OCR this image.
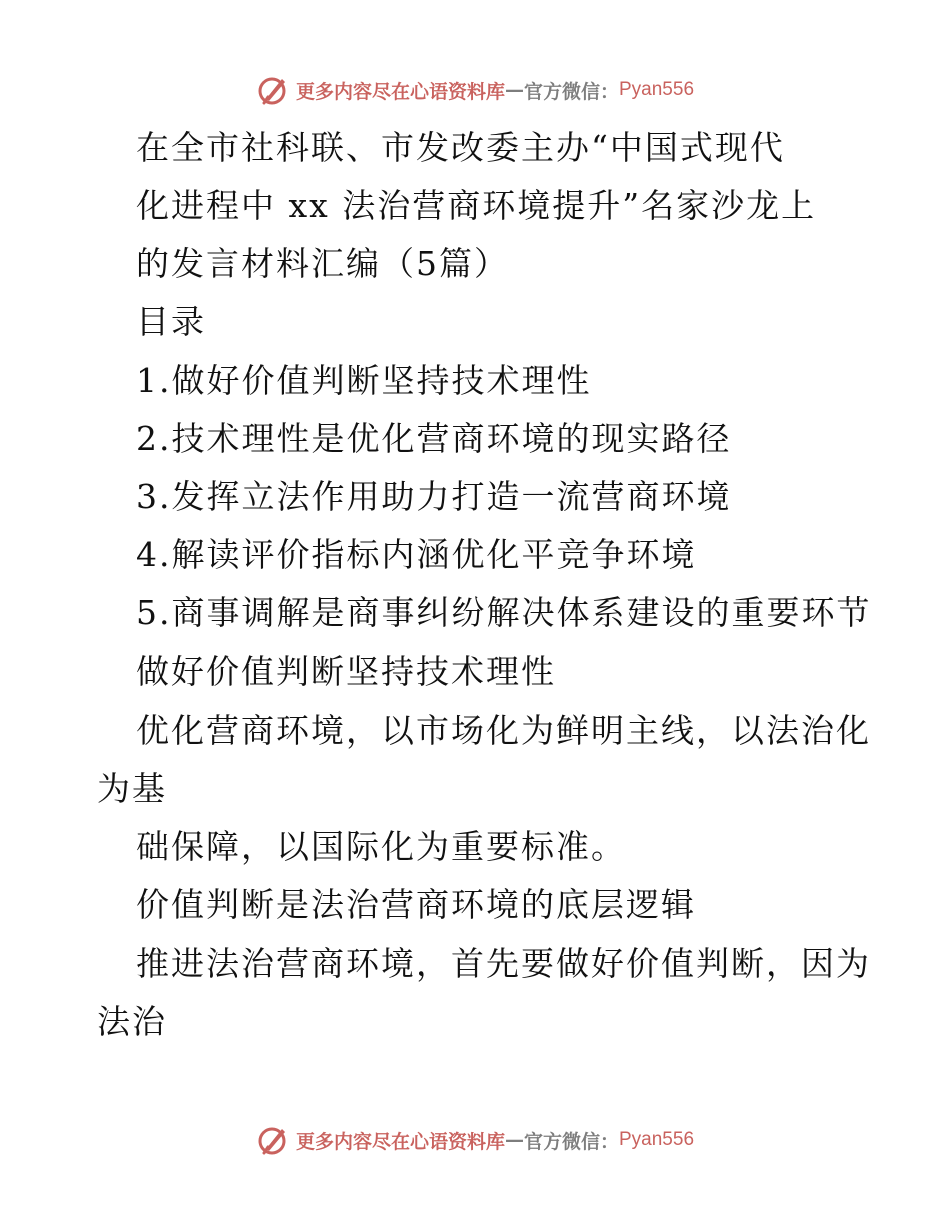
更多内容尽在心语资料库 — 官方微信： Pyan556
在全市社科联、市发改委主办“中国式现代
化进程中 xx 法治营商环境提升”名家沙龙上
的发言材料汇编（5篇）
目录
1.做好价值判断坚持技术理性
2.技术理性是优化营商环境的现实路径
3.发挥立法作用助力打造一流营商环境
4.解读评价指标内涵优化平竞争环境
5.商事调解是商事纠纷解决体系建设的重要环节
做好价值判断坚持技术理性
优化营商环境，以市场化为鲜明主线，以法治化
为基
础保障，以国际化为重要标准。
价值判断是法治营商环境的底层逻辑
推进法治营商环境，首先要做好价值判断，因为
法治
更多内容尽在心语资料库 — 官方微信： Pyan556
